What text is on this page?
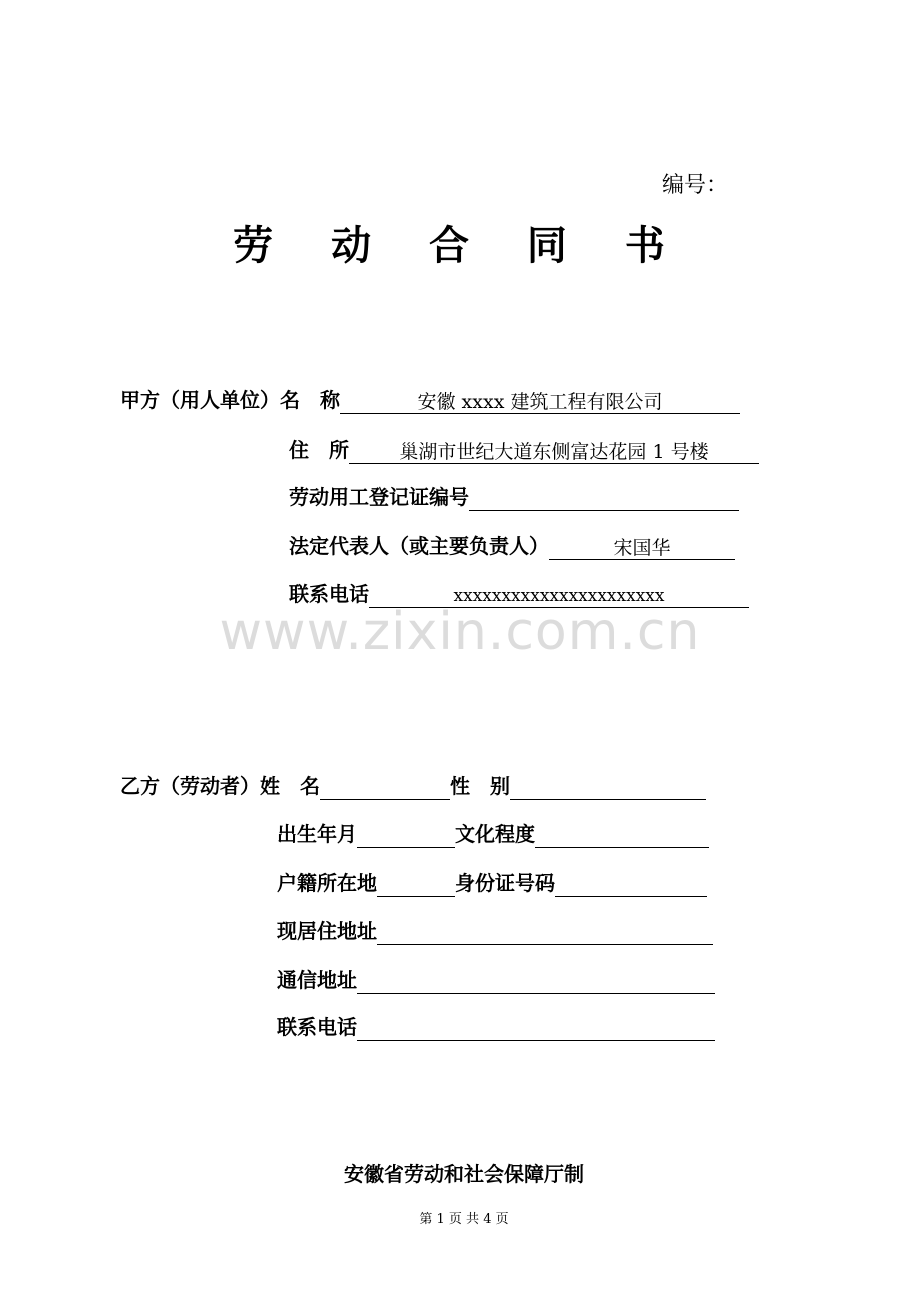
编号：
劳 动 合 同 书
甲方（用人单位）名　称	安徽 xxxx 建筑工程有限公司
住　所	巢湖市世纪大道东侧富达花园 1 号楼
劳动用工登记证编号
法定代表人（或主要负责人）	宋国华
联系电话	xxxxxxxxxxxxxxxxxxxxxx
www.zixin.com.cn
乙方（劳动者）姓　名	性　别
出生年月	文化程度
户籍所在地	身份证号码
现居住地址
通信地址
联系电话
安徽省劳动和社会保障厅制
第 1 页 共 4 页
